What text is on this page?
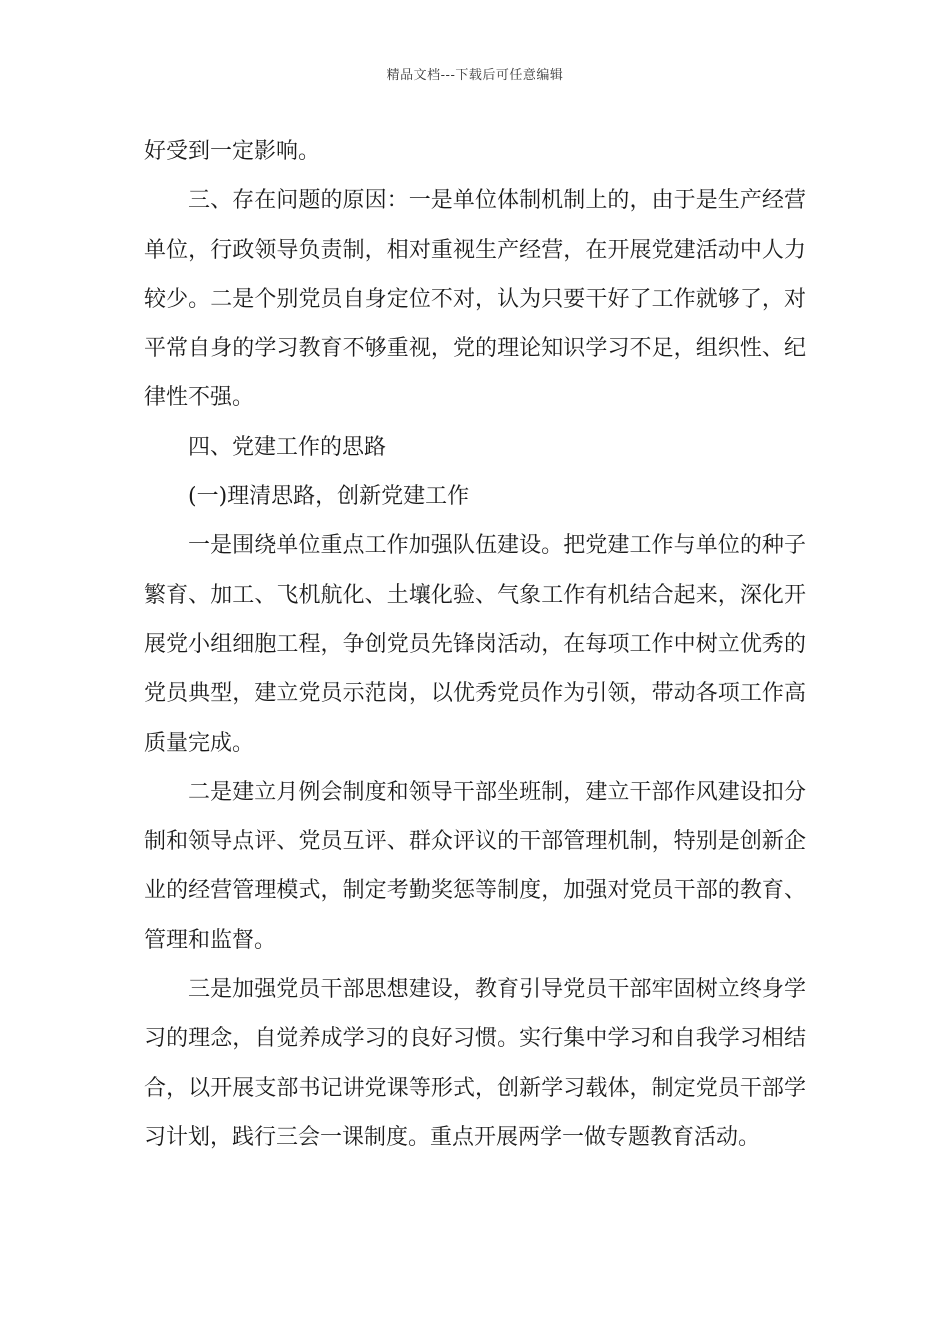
精品文档---下载后可任意编辑

好受到一定影响。

三、存在问题的原因：一是单位体制机制上的，由于是生产经营单位，行政领导负责制，相对重视生产经营，在开展党建活动中人力较少。二是个别党员自身定位不对，认为只要干好了工作就够了，对平常自身的学习教育不够重视，党的理论知识学习不足，组织性、纪律性不强。

四、党建工作的思路

(一)理清思路，创新党建工作

一是围绕单位重点工作加强队伍建设。把党建工作与单位的种子繁育、加工、飞机航化、土壤化验、气象工作有机结合起来，深化开展党小组细胞工程，争创党员先锋岗活动，在每项工作中树立优秀的党员典型，建立党员示范岗，以优秀党员作为引领，带动各项工作高质量完成。

二是建立月例会制度和领导干部坐班制，建立干部作风建设扣分制和领导点评、党员互评、群众评议的干部管理机制，特别是创新企业的经营管理模式，制定考勤奖惩等制度，加强对党员干部的教育、管理和监督。

三是加强党员干部思想建设，教育引导党员干部牢固树立终身学习的理念，自觉养成学习的良好习惯。实行集中学习和自我学习相结合，以开展支部书记讲党课等形式，创新学习载体，制定党员干部学习计划，践行三会一课制度。重点开展两学一做专题教育活动。
